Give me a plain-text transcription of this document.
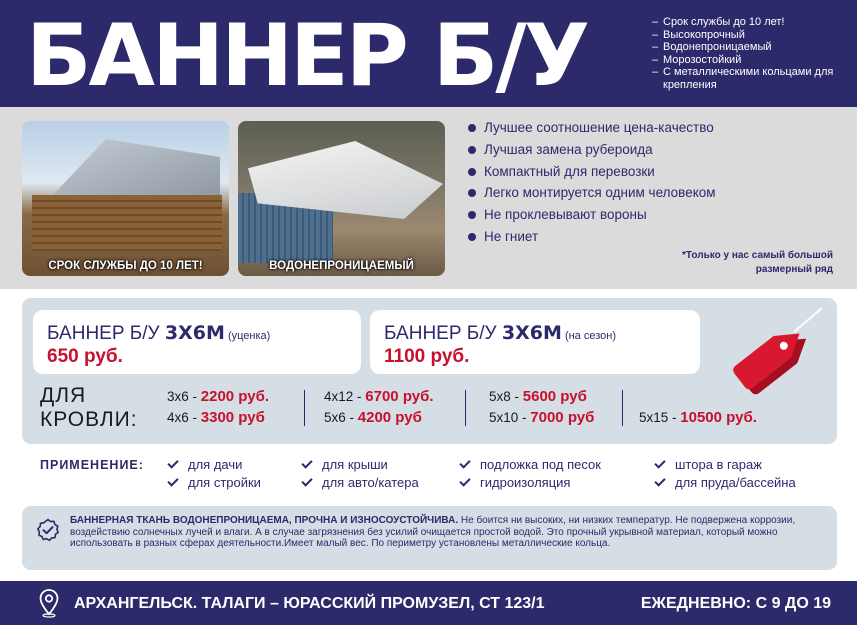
БАННЕР Б/У
–	Срок службы до 10 лет!
– Высокопрочный
– Водонепроницаемый
– Морозостойкий
– С металлическими кольцами для крепления
СРОК СЛУЖБЫ ДО 10 ЛЕТ!	ВОДОНЕПРОНИЦАЕМЫЙ
Лучшее соотношение цена-качество
Лучшая замена рубероида
Компактный для перевозки
Легко монтируется одним человеком
Не проклевывают вороны
Не гниет
*Только у нас самый большой
размерный ряд
БАННЕР Б/У 3Х6М (уценка)
650 руб.
БАННЕР Б/У 3Х6М (на сезон)
1100 руб.
ДЛЯ
КРОВЛИ:
3х6 - 2200 руб.
4х6 - 3300 руб
4х12 - 6700 руб.
5х6 - 4200 руб
5х8 - 5600 руб
5х10 - 7000 руб	5х15 - 10500 руб.
ПРИМЕНЕНИЕ:	для дачи
для стройки
для крыши
для авто/катера
подложка под песок
гидроизоляция
штора в гараж
для пруда/бассейна
БАННЕРНАЯ ТКАНЬ ВОДОНЕПРОНИЦАЕМА, ПРОЧНА И ИЗНОСОУСТОЙЧИВА. Не боится ни высоких, ни низких температур. Не подвержена коррозии, воздействию солнечных лучей и влаги. А в случае загрязнения без усилий очищается простой водой. Это прочный укрывной материал, который можно использовать в разных сферах деятельности.Имеет малый вес. По периметру установлены металлические кольца.
АРХАНГЕЛЬСК. ТАЛАГИ – ЮРАССКИЙ ПРОМУЗЕЛ, СТ 123/1	ЕЖЕДНЕВНО: С 9 ДО 19
